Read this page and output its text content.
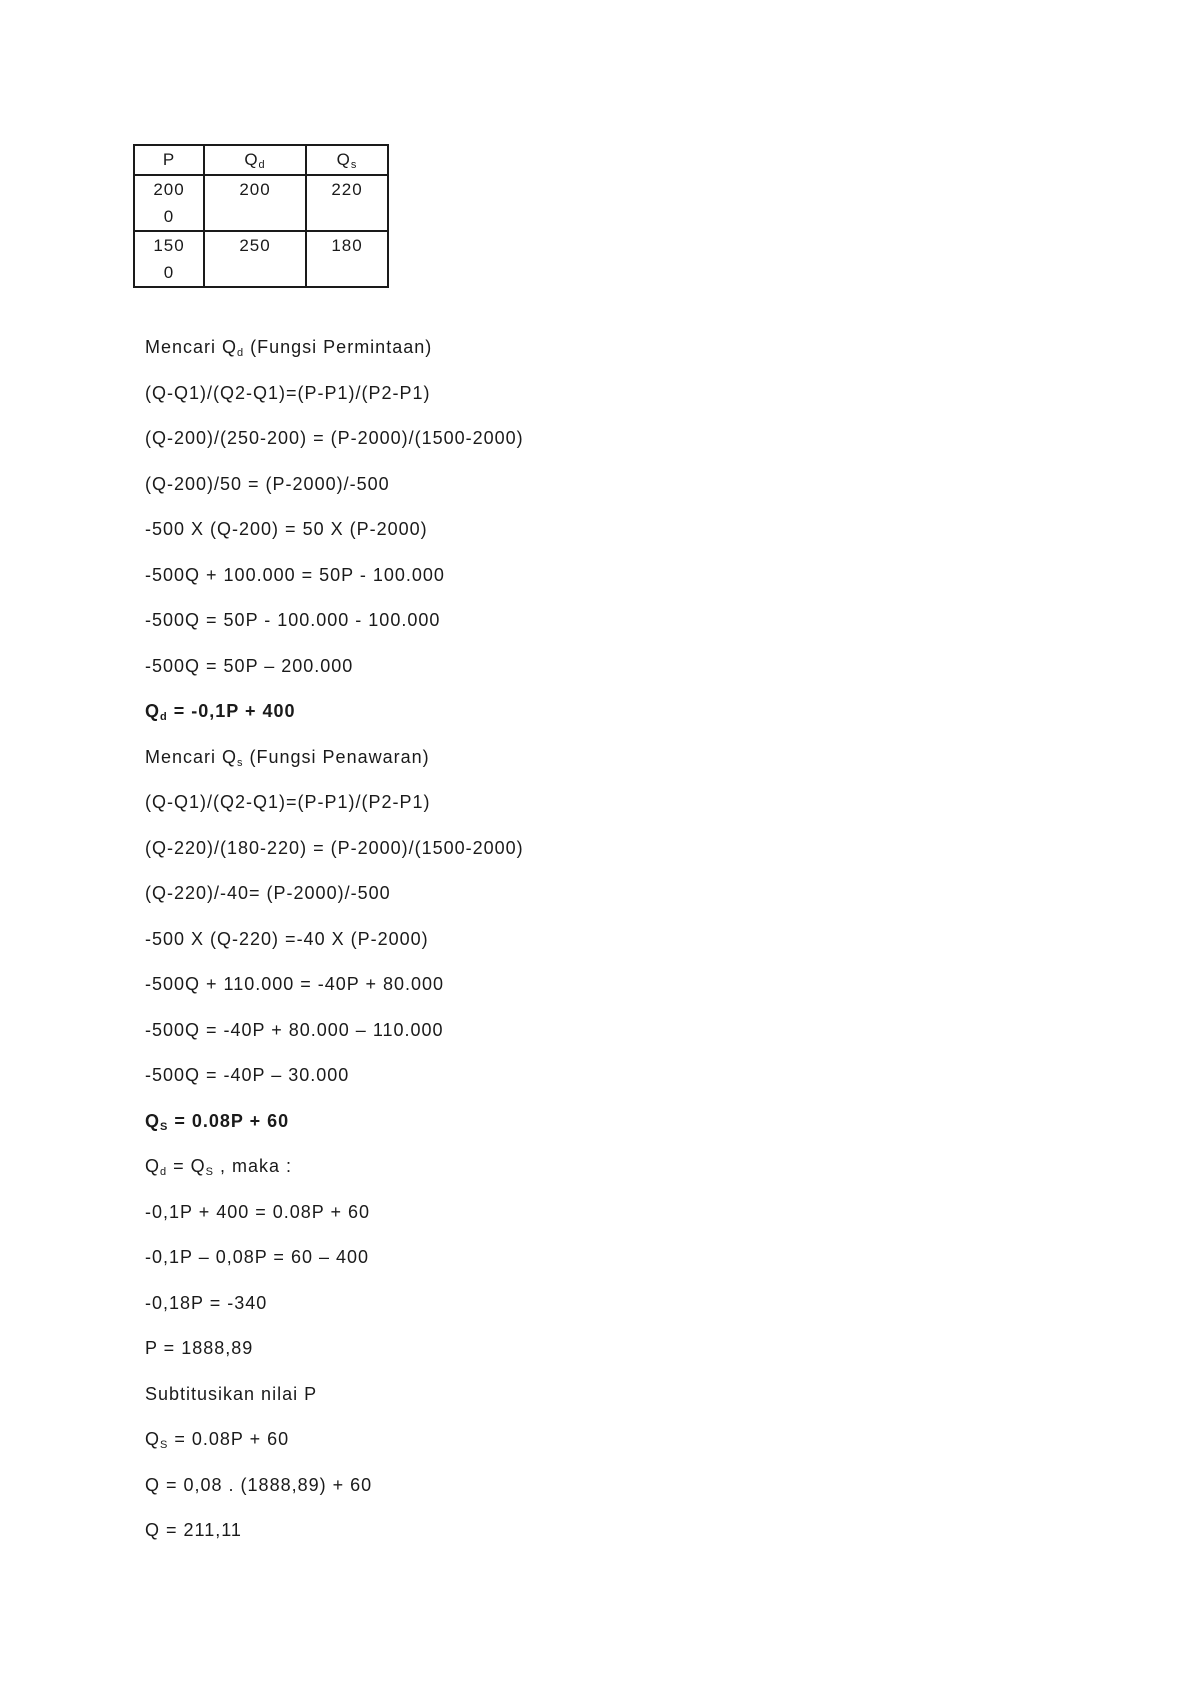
P	$Q_d$	$Q_s$
2000	200	220
1500	250	180
Mencari $Q_d$ (Fungsi Permintaan)
(Q-Q1)/(Q2-Q1)=(P-P1)/(P2-P1)
(Q-200)/(250-200) = (P-2000)/(1500-2000)
(Q-200)/50 = (P-2000)/-500
-500 X (Q-200) = 50 X (P-2000)
-500Q + 100.000 = 50P - 100.000
-500Q = 50P - 100.000 - 100.000
-500Q = 50P – 200.000
$Q_d = -0,1P + 400$
Mencari $Q_s$ (Fungsi Penawaran)
(Q-Q1)/(Q2-Q1)=(P-P1)/(P2-P1)
(Q-220)/(180-220) = (P-2000)/(1500-2000)
(Q-220)/-40= (P-2000)/-500
-500 X (Q-220) =-40 X (P-2000)
-500Q + 110.000 = -40P + 80.000
-500Q = -40P + 80.000 – 110.000
-500Q = -40P – 30.000
$Q_S = 0.08P + 60$
$Q_d = Q_S$ , maka :
-0,1P + 400 = 0.08P + 60
-0,1P – 0,08P = 60 – 400
-0,18P = -340
P = 1888,89
Subtitusikan nilai P
$Q_S = 0.08P + 60$
Q = 0,08 . (1888,89) + 60
Q = 211,11
